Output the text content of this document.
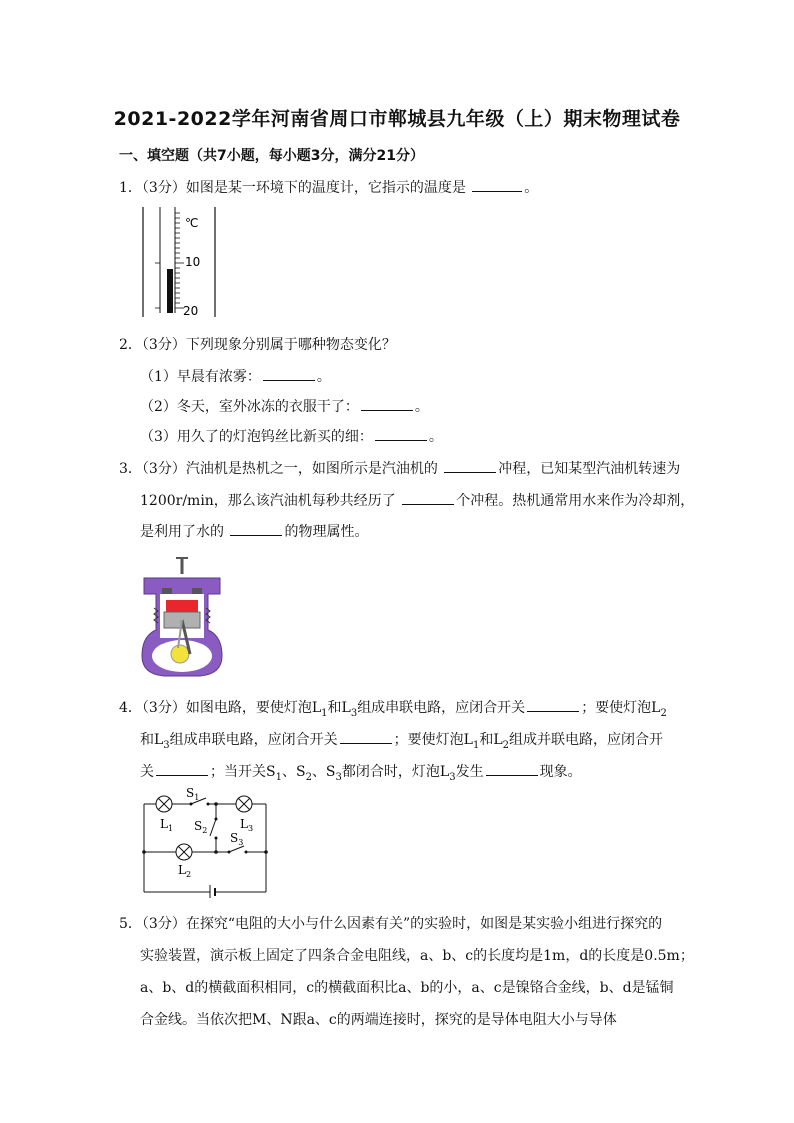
2021-2022学年河南省周口市郸城县九年级（上）期末物理试卷
一、填空题（共7小题，每小题3分，满分21分）
1．（3分）如图是某一环境下的温度计，它指示的温度是	。
℃
10
20
2．（3分）下列现象分别属于哪种物态变化？
（1）早晨有浓雾：	。
（2）冬天，室外冰冻的衣服干了：	。
（3）用久了的灯泡钨丝比新买的细：	。
3．（3分）汽油机是热机之一，如图所示是汽油机的	冲程，已知某型汽油机转速为
1200r/min，那么该汽油机每秒共经历了	个冲程。热机通常用水来作为冷却剂，
是利用了水的	的物理属性。
4．（3分）如图电路，要使灯泡$L_1$和$L_3$组成串联电路，应闭合开关	；要使灯泡$L_2$
和$L_3$组成串联电路，应闭合开关	；要使灯泡$L_1$和$L_2$组成并联电路，应闭合开
关	；当开关$S_1$、$S_2$、$S_3$都闭合时，灯泡$L_3$发生	现象。
$S_1$
$L_1$ $S_2$	$L_3$
$S_3$
$L_2$
5．（3分）在探究“电阻的大小与什么因素有关”的实验时，如图是某实验小组进行探究的
实验装置，演示板上固定了四条合金电阻线，a、b、c的长度均是1m，d的长度是0.5m；
a、b、d的横截面积相同，c的横截面积比a、b的小，a、c是镍铬合金线，b、d是锰铜
合金线。当依次把M、N跟a、c的两端连接时，探究的是导体电阻大小与导体
